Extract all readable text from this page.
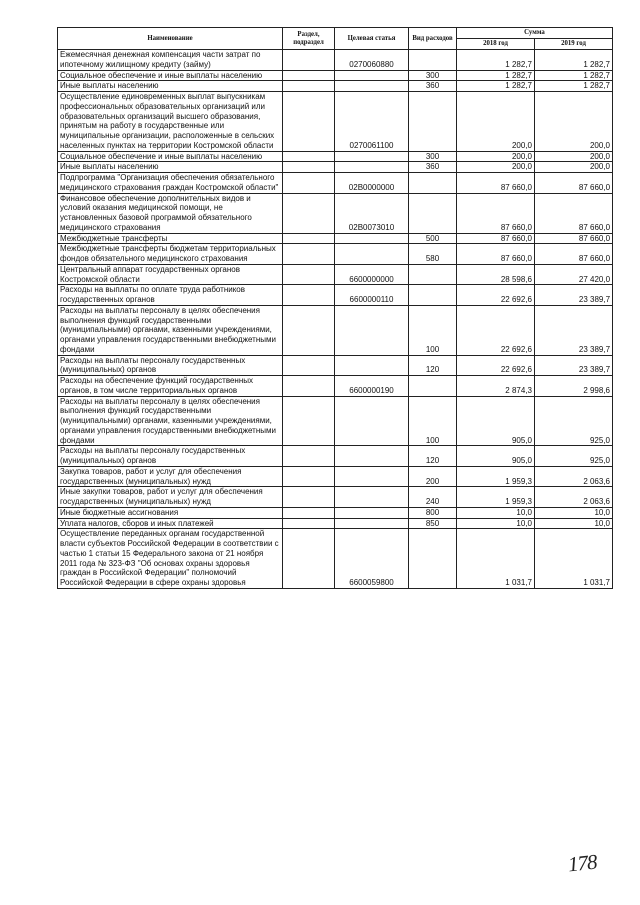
Наименование	Раздел, подраздел	Целевая статья	Вид расходов	Сумма	
				2018 год	2019 год
Ежемесячная денежная компенсация части затрат по ипотечному жилищному кредиту (займу)		0270060880		1 282,7	1 282,7
Социальное обеспечение и иные выплаты населению			300	1 282,7	1 282,7
Иные выплаты населению			360	1 282,7	1 282,7
Осуществление единовременных выплат выпускникам профессиональных образовательных организаций или образовательных организаций высшего образования, принятым на работу в государственные или муниципальные организации, расположенные в сельских населенных пунктах на территории Костромской области		0270061100		200,0	200,0
Социальное обеспечение и иные выплаты населению			300	200,0	200,0
Иные выплаты населению			360	200,0	200,0
Подпрограмма "Организация обеспечения обязательного медицинского страхования граждан Костромской области"		02В0000000		87 660,0	87 660,0
Финансовое обеспечение дополнительных видов и условий оказания медицинской помощи, не установленных базовой программой обязательного медицинского страхования		02В0073010		87 660,0	87 660,0
Межбюджетные трансферты			500	87 660,0	87 660,0
Межбюджетные трансферты бюджетам территориальных фондов обязательного медицинского страхования			580	87 660,0	87 660,0
Центральный аппарат государственных органов Костромской области		6600000000		28 598,6	27 420,0
Расходы на выплаты по оплате труда работников государственных органов		6600000110		22 692,6	23 389,7
Расходы на выплаты персоналу в целях обеспечения выполнения функций государственными (муниципальными) органами, казенными учреждениями, органами управления государственными внебюджетными фондами			100	22 692,6	23 389,7
Расходы на выплаты персоналу государственных (муниципальных) органов			120	22 692,6	23 389,7
Расходы на обеспечение функций государственных органов, в том числе территориальных органов		6600000190		2 874,3	2 998,6
Расходы на выплаты персоналу в целях обеспечения выполнения функций государственными (муниципальными) органами, казенными учреждениями, органами управления государственными внебюджетными фондами			100	905,0	925,0
Расходы на выплаты персоналу государственных (муниципальных) органов			120	905,0	925,0
Закупка товаров, работ и услуг для обеспечения государственных (муниципальных) нужд			200	1 959,3	2 063,6
Иные закупки товаров, работ и услуг для обеспечения государственных (муниципальных) нужд			240	1 959,3	2 063,6
Иные бюджетные ассигнования			800	10,0	10,0
Уплата налогов, сборов и иных платежей			850	10,0	10,0
Осуществление переданных органам государственной власти субъектов Российской Федерации в соответствии с частью 1 статьи 15 Федерального закона от 21 ноября 2011 года № 323-ФЗ "Об основах охраны здоровья граждан в Российской Федерации" полномочий Российской Федерации в сфере охраны здоровья		6600059800		1 031,7	1 031,7
178
